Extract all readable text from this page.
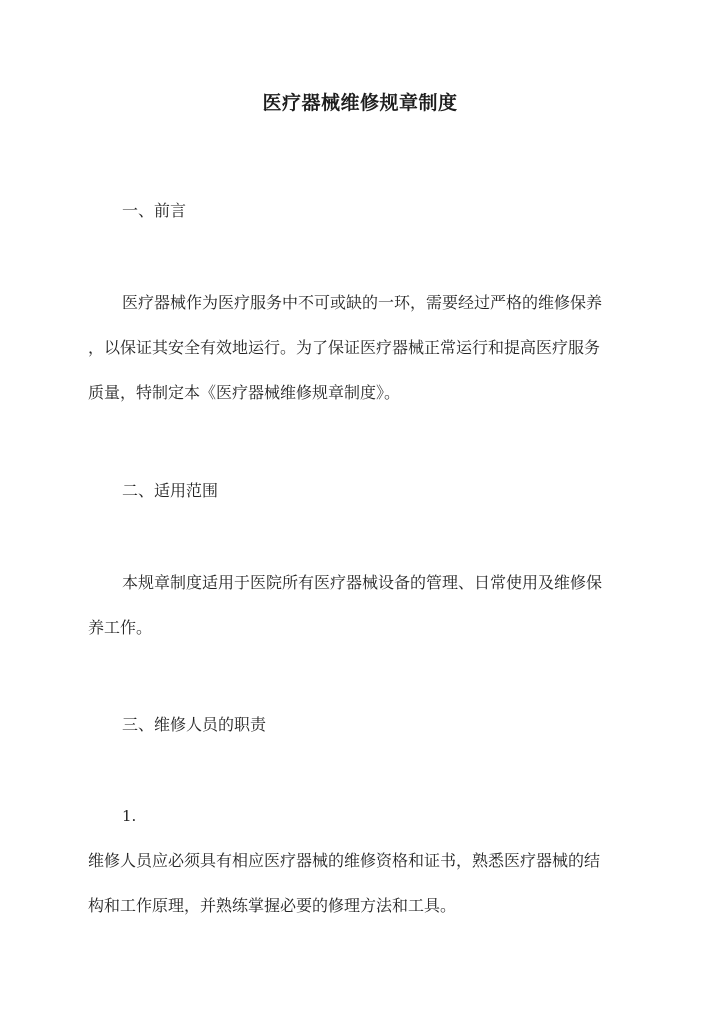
医疗器械维修规章制度
一、前言
医疗器械作为医疗服务中不可或缺的一环，需要经过严格的维修保养
，以保证其安全有效地运行。为了保证医疗器械正常运行和提高医疗服务
质量，特制定本《医疗器械维修规章制度》。
二、适用范围
本规章制度适用于医院所有医疗器械设备的管理、日常使用及维修保
养工作。
三、维修人员的职责
1.
维修人员应必须具有相应医疗器械的维修资格和证书，熟悉医疗器械的结
构和工作原理，并熟练掌握必要的修理方法和工具。
